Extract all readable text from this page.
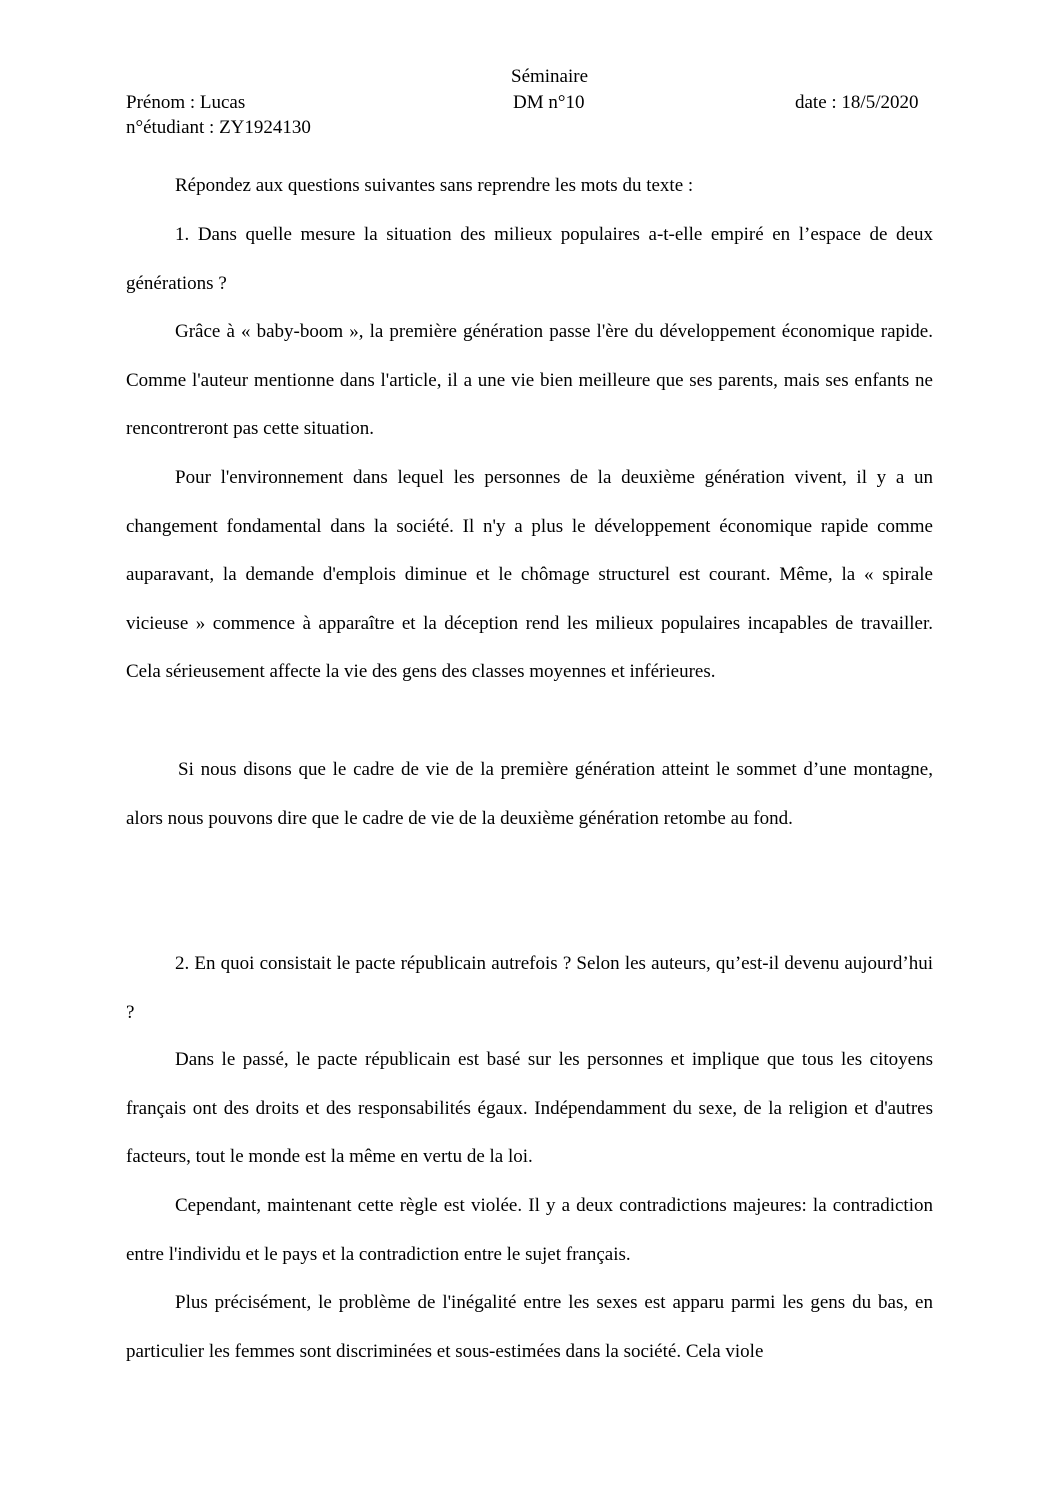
Séminaire
Prénom : Lucas	DM n°10	date : 18/5/2020
n°étudiant : ZY1924130

Répondez aux questions suivantes sans reprendre les mots du texte :

1. Dans quelle mesure la situation des milieux populaires a-t-elle empiré en l’espace de deux générations ?

Grâce à « baby-boom », la première génération passe l'ère du développement économique rapide. Comme l'auteur mentionne dans l'article, il a une vie bien meilleure que ses parents, mais ses enfants ne rencontreront pas cette situation.

Pour l'environnement dans lequel les personnes de la deuxième génération vivent, il y a un changement fondamental dans la société. Il n'y a plus le développement économique rapide comme auparavant, la demande d'emplois diminue et le chômage structurel est courant. Même, la « spirale vicieuse » commence à apparaître et la déception rend les milieux populaires incapables de travailler. Cela sérieusement affecte la vie des gens des classes moyennes et inférieures.

Si nous disons que le cadre de vie de la première génération atteint le sommet d’une montagne, alors nous pouvons dire que le cadre de vie de la deuxième génération retombe au fond.

2. En quoi consistait le pacte républicain autrefois ? Selon les auteurs, qu’est-il devenu aujourd’hui ?

Dans le passé, le pacte républicain est basé sur les personnes et implique que tous les citoyens français ont des droits et des responsabilités égaux. Indépendamment du sexe, de la religion et d'autres facteurs, tout le monde est la même en vertu de la loi.

Cependant, maintenant cette règle est violée. Il y a deux contradictions majeures: la contradiction entre l'individu et le pays et la contradiction entre le sujet français.

Plus précisément, le problème de l'inégalité entre les sexes est apparu parmi les gens du bas, en particulier les femmes sont discriminées et sous-estimées dans la société. Cela viole
